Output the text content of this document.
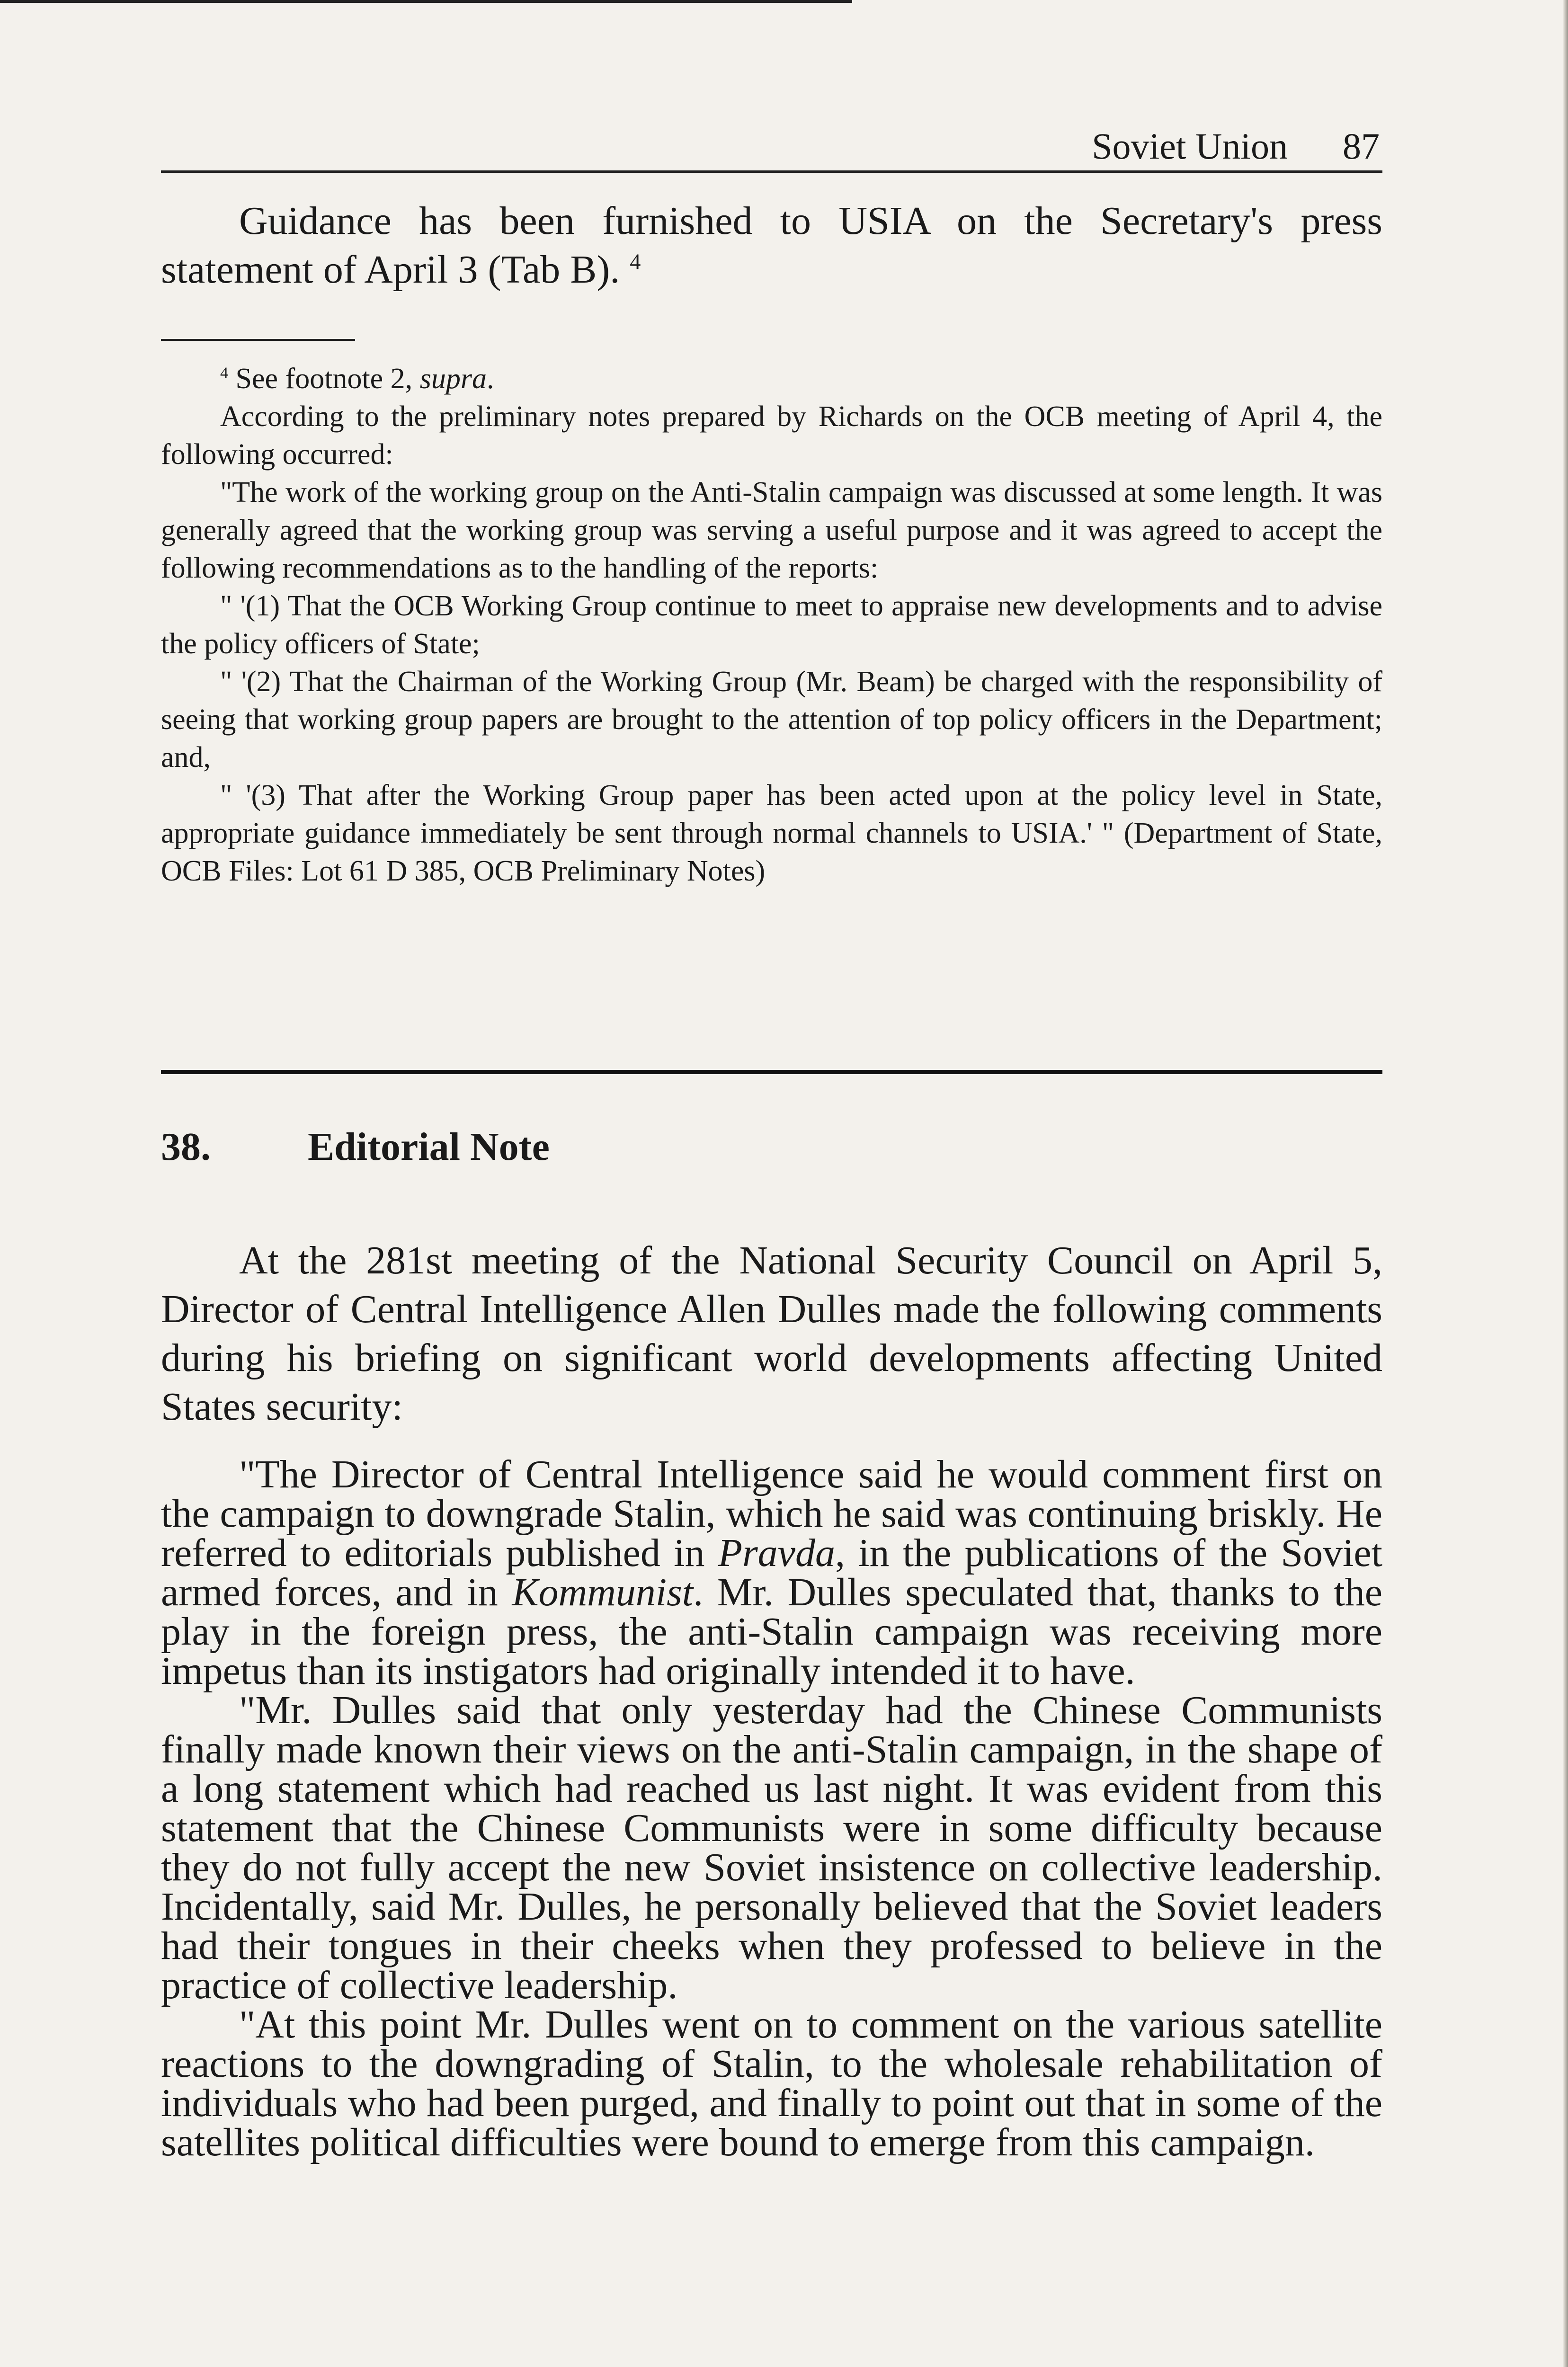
Soviet Union 87

Guidance has been furnished to USIA on the Secretary's press statement of April 3 (Tab B). $^4$

$^4$ See footnote 2, supra.

According to the preliminary notes prepared by Richards on the OCB meeting of April 4, the following occurred:

"The work of the working group on the Anti-Stalin campaign was discussed at some length. It was generally agreed that the working group was serving a useful purpose and it was agreed to accept the following recommendations as to the handling of the reports:

" '(1) That the OCB Working Group continue to meet to appraise new developments and to advise the policy officers of State;

" '(2) That the Chairman of the Working Group (Mr. Beam) be charged with the responsibility of seeing that working group papers are brought to the attention of top policy officers in the Department; and,

" '(3) That after the Working Group paper has been acted upon at the policy level in State, appropriate guidance immediately be sent through normal channels to USIA.' " (Department of State, OCB Files: Lot 61 D 385, OCB Preliminary Notes)

38.	Editorial Note

At the 281st meeting of the National Security Council on April 5, Director of Central Intelligence Allen Dulles made the following comments during his briefing on significant world developments affecting United States security:

"The Director of Central Intelligence said he would comment first on the campaign to downgrade Stalin, which he said was continuing briskly. He referred to editorials published in Pravda, in the publications of the Soviet armed forces, and in Kommunist. Mr. Dulles speculated that, thanks to the play in the foreign press, the anti-Stalin campaign was receiving more impetus than its instigators had originally intended it to have.

"Mr. Dulles said that only yesterday had the Chinese Communists finally made known their views on the anti-Stalin campaign, in the shape of a long statement which had reached us last night. It was evident from this statement that the Chinese Communists were in some difficulty because they do not fully accept the new Soviet insistence on collective leadership. Incidentally, said Mr. Dulles, he personally believed that the Soviet leaders had their tongues in their cheeks when they professed to believe in the practice of collective leadership.

"At this point Mr. Dulles went on to comment on the various satellite reactions to the downgrading of Stalin, to the wholesale rehabilitation of individuals who had been purged, and finally to point out that in some of the satellites political difficulties were bound to emerge from this campaign.
